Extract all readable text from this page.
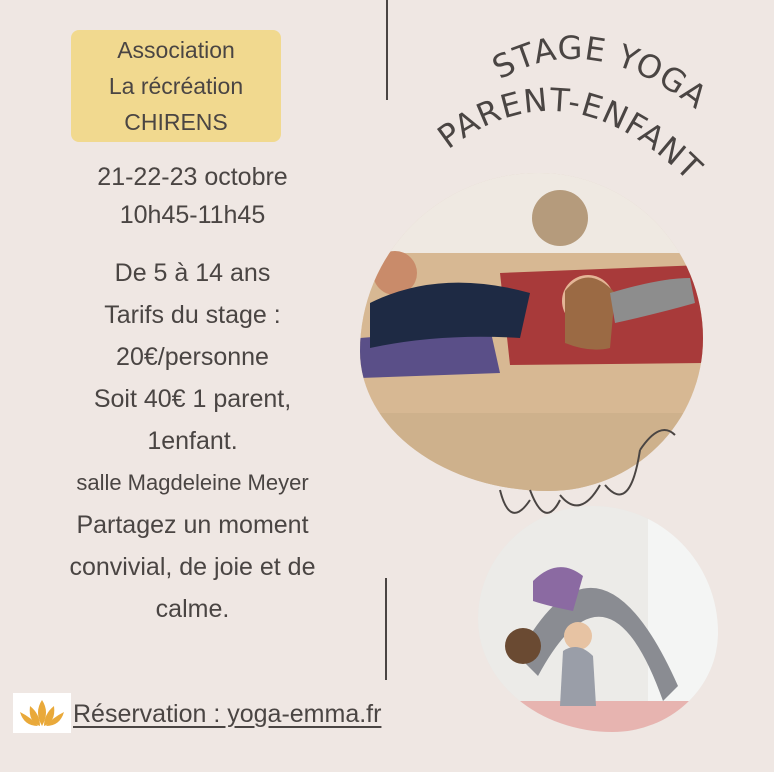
Association
La récréation
CHIRENS
21-22-23 octobre
10h45-11h45
De 5 à 14 ans
Tarifs du stage :
20€/personne
Soit 40€ 1 parent,
1enfant.
salle Magdeleine Meyer
Partagez un moment
convivial, de joie et de
calme.
STAGE YOGA
PARENT-ENFANT
Réservation : yoga-emma.fr
